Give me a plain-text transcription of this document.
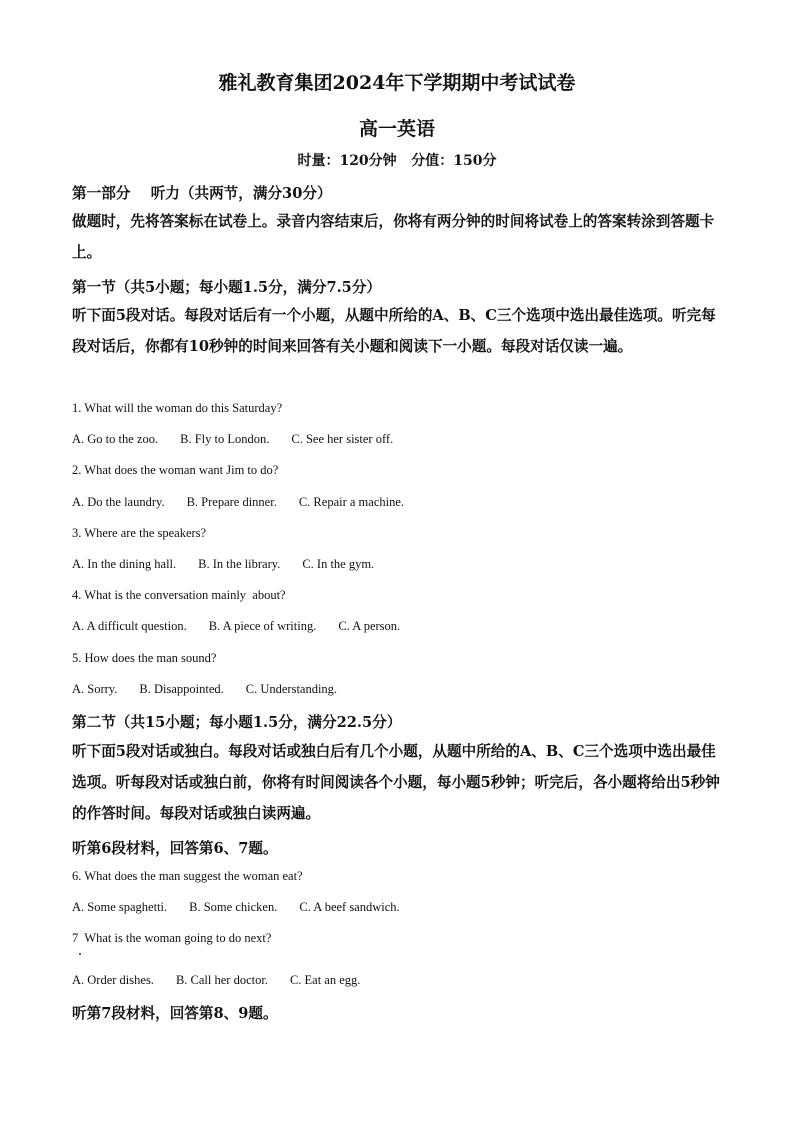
雅礼教育集团2024年下学期期中考试试卷
高一英语
时量：120分钟   分值：150分
第一部分    听力（共两节，满分30分）
做题时，先将答案标在试卷上。录音内容结束后，你将有两分钟的时间将试卷上的答案转涂到答题卡上。
第一节（共5小题；每小题1.5分，满分7.5分）
听下面5段对话。每段对话后有一个小题，从题中所给的A、B、C三个选项中选出最佳选项。听完每段对话后，你都有10秒钟的时间来回答有关小题和阅读下一小题。每段对话仅读一遍。
1. What will the woman do this Saturday?
A. Go to the zoo. B. Fly to London. C. See her sister off.
2. What does the woman want Jim to do?
A. Do the laundry. B. Prepare dinner. C. Repair a machine.
3. Where are the speakers?
A. In the dining hall. B. In the library. C. In the gym.
4. What is the conversation mainly  about?
A. A difficult question. B. A piece of writing. C. A person.
5. How does the man sound?
A. Sorry. B. Disappointed. C. Understanding.
第二节（共15小题；每小题1.5分，满分22.5分）
听下面5段对话或独白。每段对话或独白后有几个小题，从题中所给的A、B、C三个选项中选出最佳选项。听每段对话或独白前，你将有时间阅读各个小题，每小题5秒钟；听完后，各小题将给出5秒钟的作答时间。每段对话或独白读两遍。
听第6段材料，回答第6、7题。
6. What does the man suggest the woman eat?
A. Some spaghetti. B. Some chicken. C. A beef sandwich.
7  What is the woman going to do next?
A. Order dishes. B. Call her doctor. C. Eat an egg.
听第7段材料，回答第8、9题。
